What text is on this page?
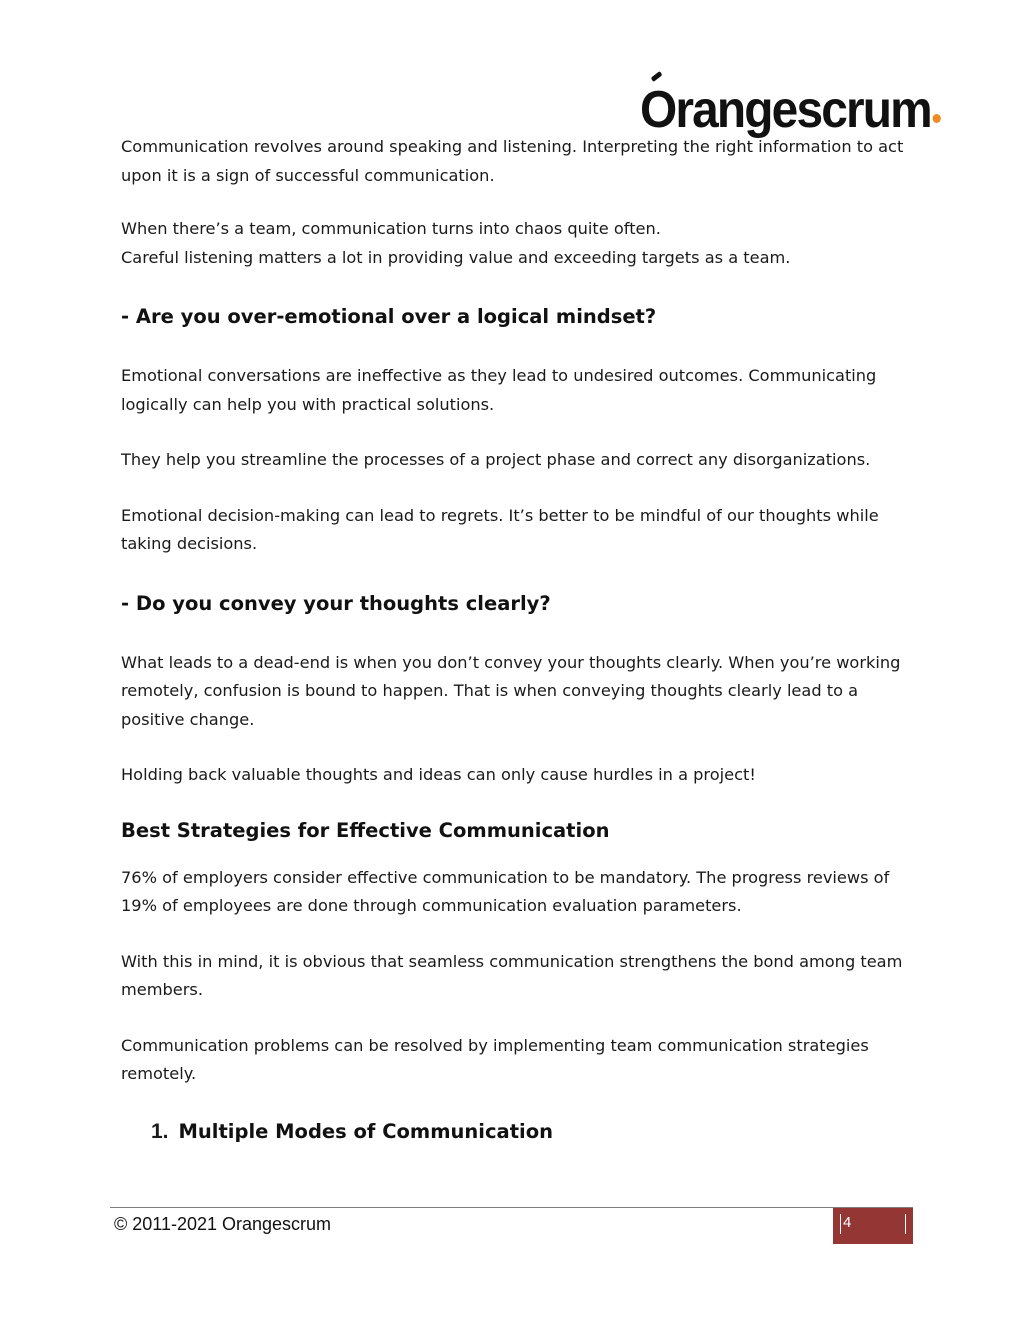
Orangescrum

Communication revolves around speaking and listening. Interpreting the right information to act upon it is a sign of successful communication.

When there’s a team, communication turns into chaos quite often.

Careful listening matters a lot in providing value and exceeding targets as a team.

- Are you over-emotional over a logical mindset?

Emotional conversations are ineffective as they lead to undesired outcomes. Communicating logically can help you with practical solutions.

They help you streamline the processes of a project phase and correct any disorganizations.

Emotional decision-making can lead to regrets. It’s better to be mindful of our thoughts while taking decisions.

- Do you convey your thoughts clearly?

What leads to a dead-end is when you don’t convey your thoughts clearly. When you’re working remotely, confusion is bound to happen. That is when conveying thoughts clearly lead to a positive change.

Holding back valuable thoughts and ideas can only cause hurdles in a project!

Best Strategies for Effective Communication

76% of employers consider effective communication to be mandatory. The progress reviews of 19% of employees are done through communication evaluation parameters.

With this in mind, it is obvious that seamless communication strengthens the bond among team members.

Communication problems can be resolved by implementing team communication strategies remotely.

1. Multiple Modes of Communication
© 2011-2021 Orangescrum	4
